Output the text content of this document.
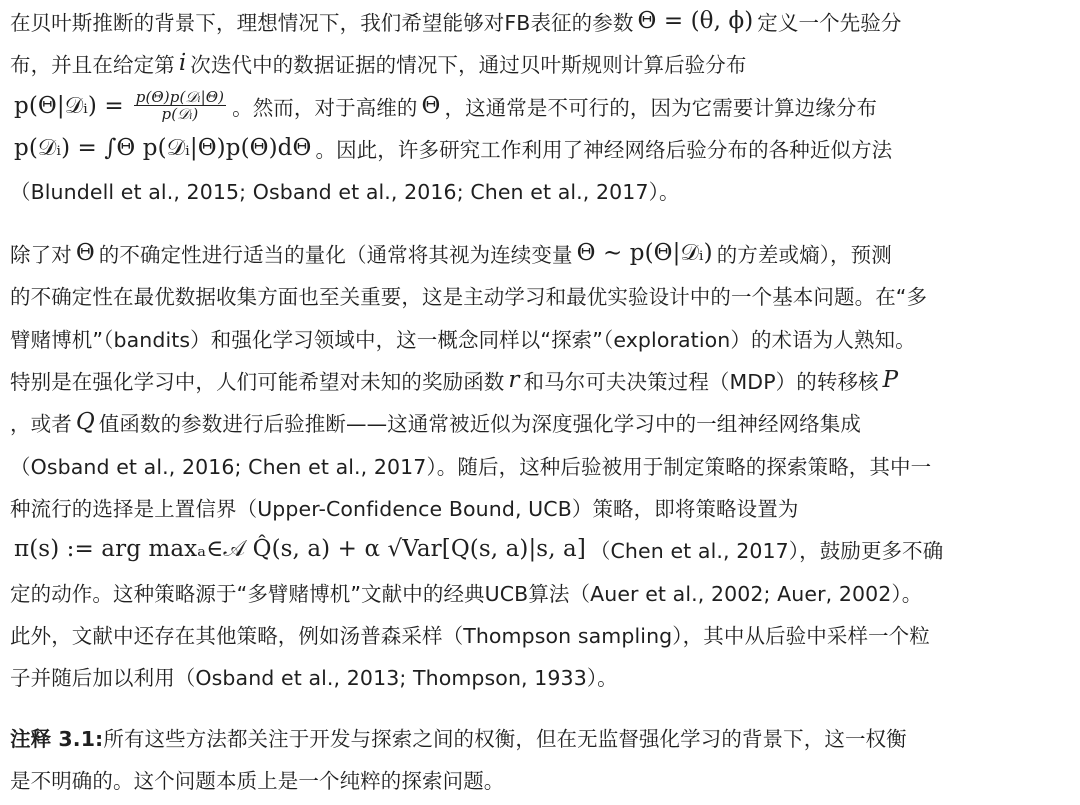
在贝叶斯推断的背景下，理想情况下，我们希望能够对FB表征的参数 Θ = (θ, ϕ) 定义一个先验分
布，并且在给定第 i 次迭代中的数据证据的情况下，通过贝叶斯规则计算后验分布
p(Θ|𝒟ᵢ) = $\frac{\text{p(Θ)p(𝒟ᵢ|Θ)}}{\text{p(𝒟ᵢ)}}$ 。然而，对于高维的 Θ ，这通常是不可行的，因为它需要计算边缘分布
p(𝒟ᵢ) = ∫Θ p(𝒟ᵢ|Θ)p(Θ)dΘ 。因此，许多研究工作利用了神经网络后验分布的各种近似方法
（Blundell et al., 2015; Osband et al., 2016; Chen et al., 2017）。
除了对 Θ 的不确定性进行适当的量化（通常将其视为连续变量 Θ ∼ p(Θ|𝒟ᵢ) 的方差或熵），预测
的不确定性在最优数据收集方面也至关重要，这是主动学习和最优实验设计中的一个基本问题。在“多
臂赌博机”（bandits）和强化学习领域中，这一概念同样以“探索”（exploration）的术语为人熟知。
特别是在强化学习中，人们可能希望对未知的奖励函数 r 和马尔可夫决策过程（MDP）的转移核 P
，或者 Q 值函数的参数进行后验推断——这通常被近似为深度强化学习中的一组神经网络集成
（Osband et al., 2016; Chen et al., 2017）。随后，这种后验被用于制定策略的探索策略，其中一
种流行的选择是上置信界（Upper-Confidence Bound, UCB）策略，即将策略设置为
π(s) := arg maxₐ∈𝒜 Q̂(s, a) + α √Var[Q(s, a)|s, a] （Chen et al., 2017），鼓励更多不确
定的动作。这种策略源于“多臂赌博机”文献中的经典UCB算法（Auer et al., 2002; Auer, 2002）。
此外，文献中还存在其他策略，例如汤普森采样（Thompson sampling），其中从后验中采样一个粒
子并随后加以利用（Osband et al., 2013; Thompson, 1933）。
注释 3.1: 所有这些方法都关注于开发与探索之间的权衡，但在无监督强化学习的背景下，这一权衡
是不明确的。这个问题本质上是一个纯粹的探索问题。
